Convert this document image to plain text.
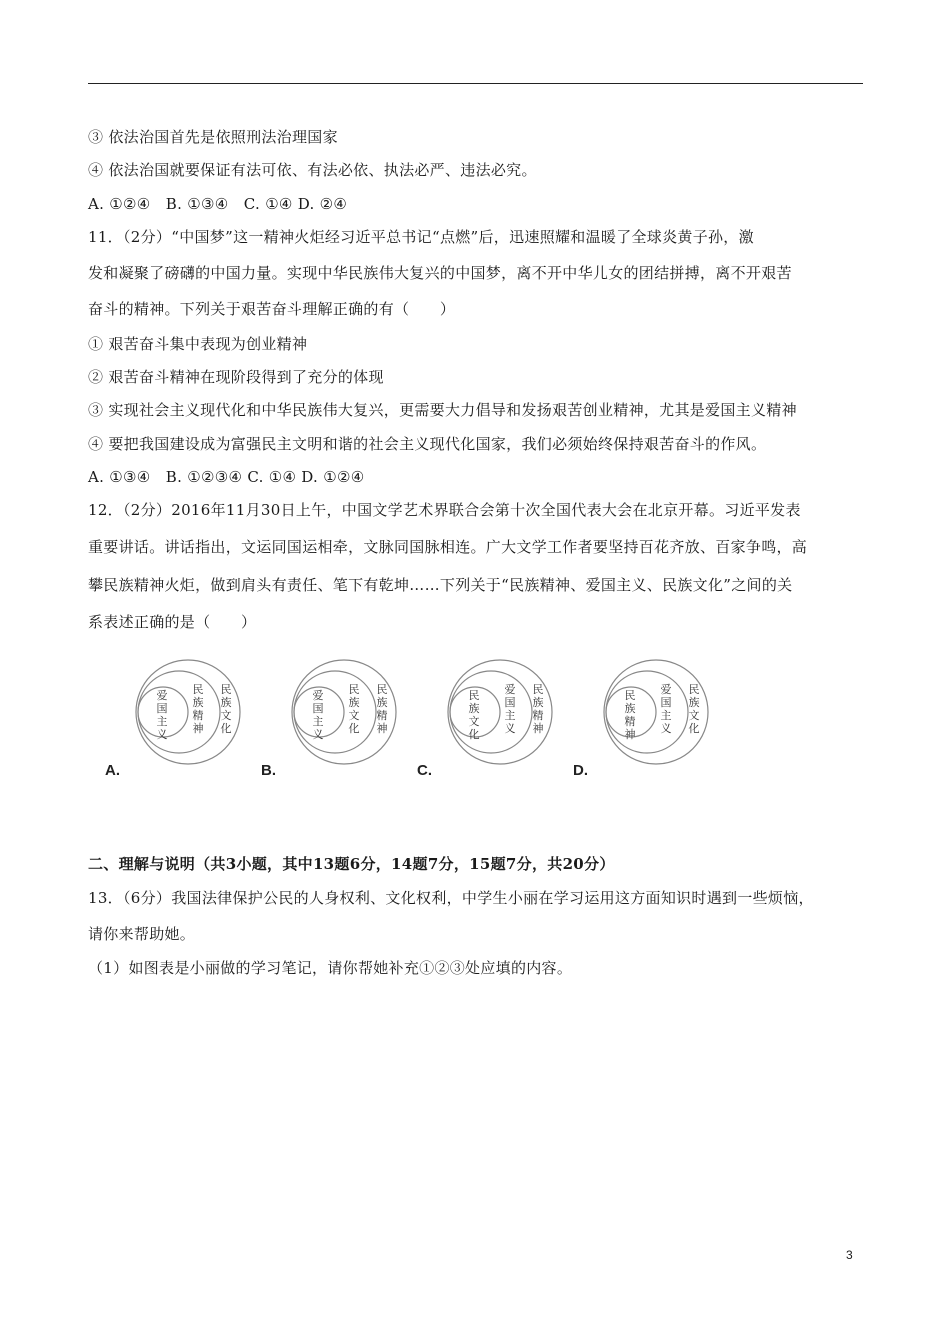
③ 依法治国首先是依照刑法治理国家
④ 依法治国就要保证有法可依、有法必依、执法必严、违法必究。
A. ①②④　B. ①③④　C. ①④ D. ②④
11．（2分）“中国梦”这一精神火炬经习近平总书记“点燃”后，迅速照耀和温暖了全球炎黄子孙，激
发和凝聚了磅礴的中国力量。实现中华民族伟大复兴的中国梦，离不开中华儿女的团结拼搏，离不开艰苦
奋斗的精神。下列关于艰苦奋斗理解正确的有（　　）
① 艰苦奋斗集中表现为创业精神
② 艰苦奋斗精神在现阶段得到了充分的体现
③ 实现社会主义现代化和中华民族伟大复兴，更需要大力倡导和发扬艰苦创业精神，尤其是爱国主义精神
④ 要把我国建设成为富强民主文明和谐的社会主义现代化国家，我们必须始终保持艰苦奋斗的作风。
A. ①③④　B. ①②③④ C. ①④ D. ①②④
12．（2分）2016年11月30日上午，中国文学艺术界联合会第十次全国代表大会在北京开幕。习近平发表
重要讲话。讲话指出，文运同国运相牵，文脉同国脉相连。广大文学工作者要坚持百花齐放、百家争鸣，高
攀民族精神火炬，做到肩头有责任、笔下有乾坤……下列关于“民族精神、爱国主义、民族文化”之间的关
系表述正确的是（　　）
爱国主义
民族精神
民族文化
A.
爱国主义
民族文化
民族精神
B.
民族文化
爱国主义
民族精神
C.
民族精神
爱国主义
民族文化
D.
二、理解与说明（共3小题，其中13题6分，14题7分，15题7分，共20分）
13．（6分）我国法律保护公民的人身权利、文化权利，中学生小丽在学习运用这方面知识时遇到一些烦恼，
请你来帮助她。
（1）如图表是小丽做的学习笔记，请你帮她补充①②③处应填的内容。
3
